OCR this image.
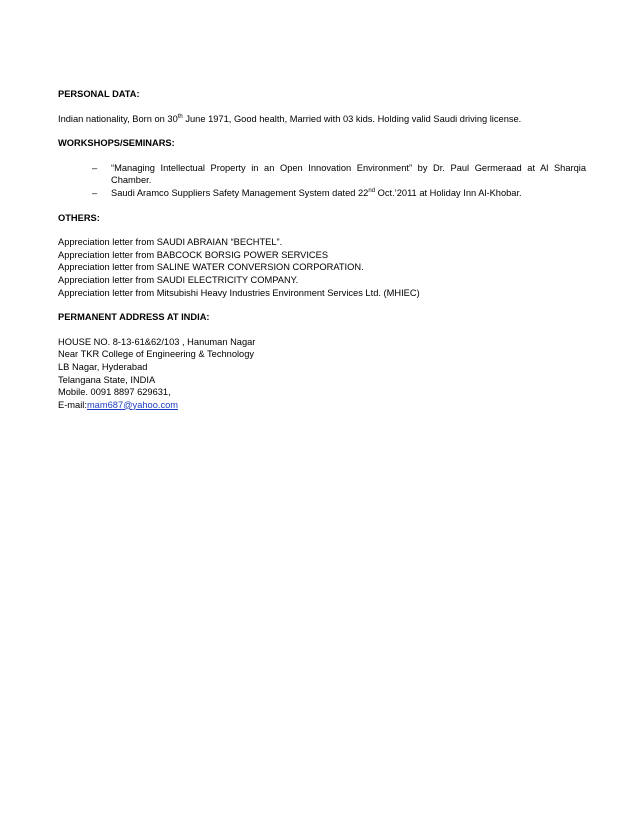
PERSONAL DATA:

Indian nationality, Born on 30th June 1971, Good health, Married with 03 kids. Holding valid Saudi driving license.

WORKSHOPS/SEMINARS:

– “Managing Intellectual Property in an Open Innovation Environment” by Dr. Paul Germeraad at Al Sharqia Chamber.
– Saudi Aramco Suppliers Safety Management System dated 22nd Oct.’2011 at Holiday Inn Al-Khobar.

OTHERS:

Appreciation letter from SAUDI ABRAIAN “BECHTEL”.
Appreciation letter from BABCOCK BORSIG POWER SERVICES
Appreciation letter from SALINE WATER CONVERSION CORPORATION.
Appreciation letter from SAUDI ELECTRICITY COMPANY.
Appreciation letter from Mitsubishi Heavy Industries Environment Services Ltd. (MHIEC)

PERMANENT ADDRESS AT INDIA:

HOUSE NO. 8-13-61&62/103 , Hanuman Nagar
Near TKR College of Engineering & Technology
LB Nagar, Hyderabad
Telangana State, INDIA
Mobile. 0091 8897 629631,
E-mail:mam687@yahoo.com
